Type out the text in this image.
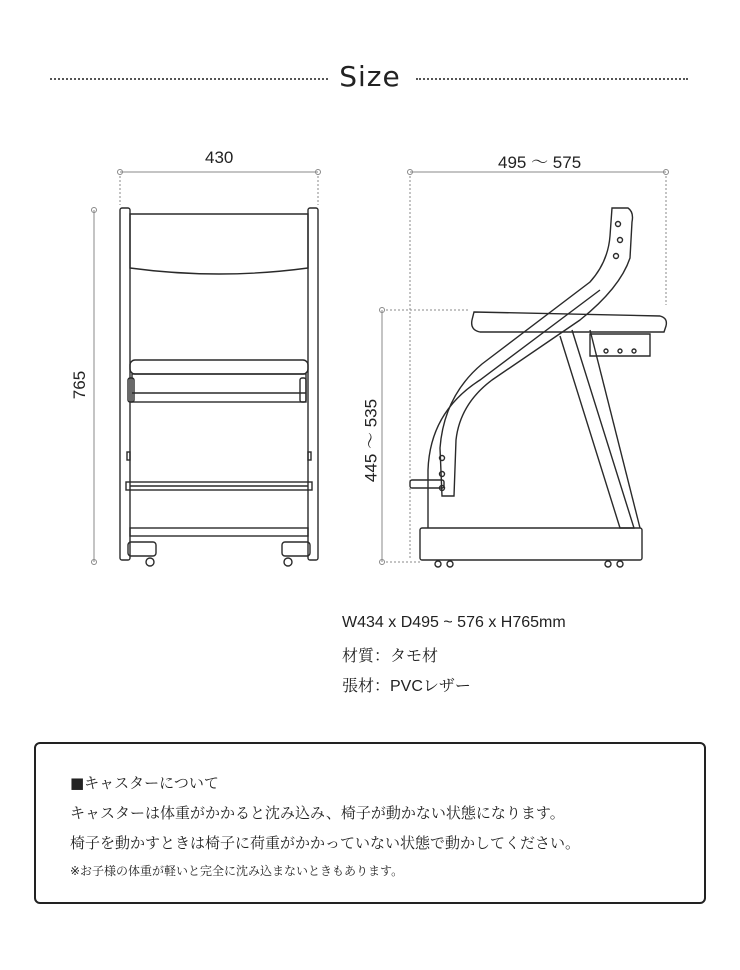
Size
430
765
495 ～ 575
445 ～ 535
W434 x D495 ~ 576 x H765mm
材質：タモ材
張材：PVCレザー
■キャスターについて
キャスターは体重がかかると沈み込み、椅子が動かない状態になります。
椅子を動かすときは椅子に荷重がかかっていない状態で動かしてください。
※お子様の体重が軽いと完全に沈み込まないときもあります。
